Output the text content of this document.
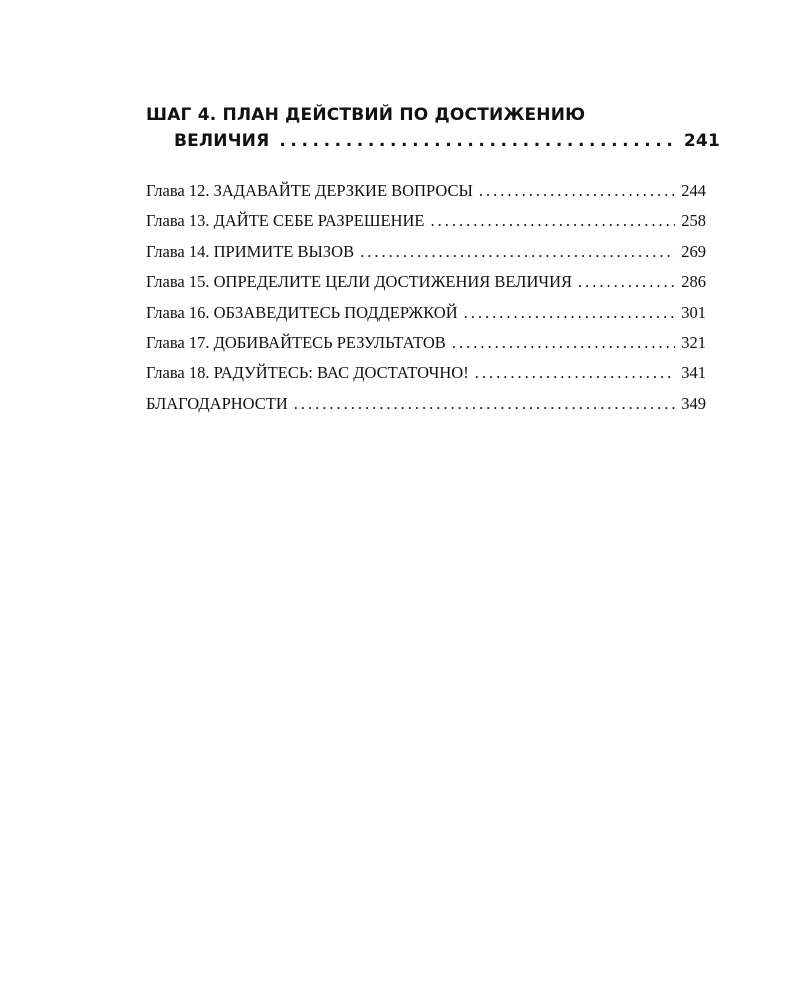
ШАГ 4. ПЛАН ДЕЙСТВИЙ ПО ДОСТИЖЕНИЮ
ВЕЛИЧИЯ .....	241
Глава 12. ЗАДАВАЙТЕ ДЕРЗКИЕ ВОПРОСЫ .....	244
Глава 13. ДАЙТЕ СЕБЕ РАЗРЕШЕНИЕ .....	258
Глава 14. ПРИМИТЕ ВЫЗОВ .....	269
Глава 15. ОПРЕДЕЛИТЕ ЦЕЛИ ДОСТИЖЕНИЯ ВЕЛИЧИЯ .....	286
Глава 16. ОБЗАВЕДИТЕСЬ ПОДДЕРЖКОЙ .....	301
Глава 17. ДОБИВАЙТЕСЬ РЕЗУЛЬТАТОВ .....	321
Глава 18. РАДУЙТЕСЬ: ВАС ДОСТАТОЧНО! .....	341
БЛАГОДАРНОСТИ .....	349
